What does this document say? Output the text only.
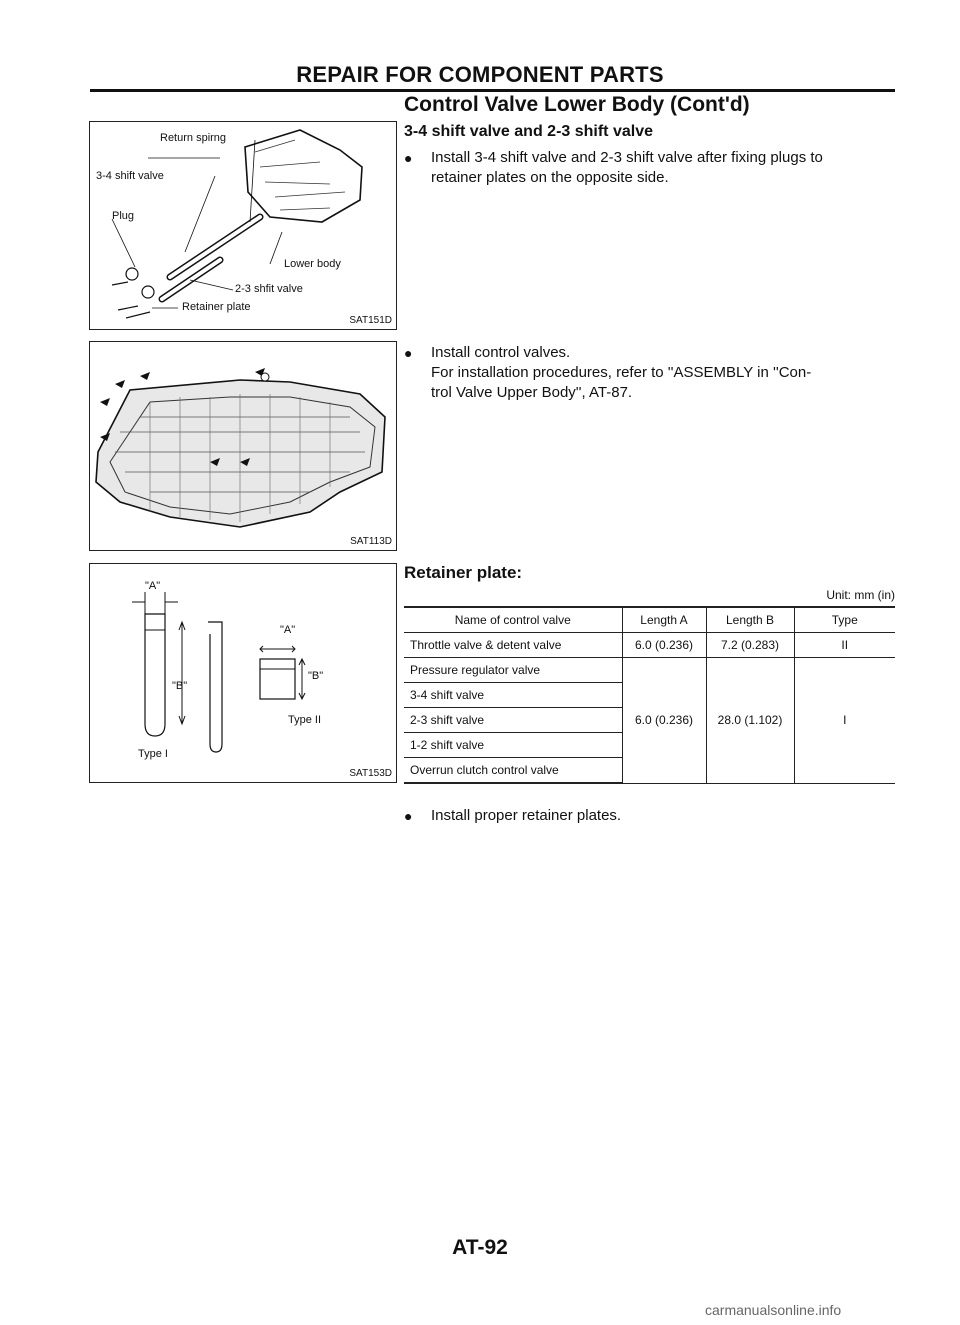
REPAIR FOR COMPONENT PARTS
Control Valve Lower Body (Cont'd)
3-4 shift valve and 2-3 shift valve
● Install 3-4 shift valve and 2-3 shift valve after fixing plugs to
retainer plates on the opposite side.
● Install control valves.
For installation procedures, refer to ''ASSEMBLY in ''Con-
trol Valve Upper Body'', AT-87.
Return spirng
3-4 shift valve
Plug
Lower body
2-3 shfit valve
Retainer plate
SAT151D
SAT113D
"A"
"B"
Type I
"A"
"B"
Type II
SAT153D
Retainer plate:
Unit: mm (in)
Name of control valve	Length A	Length B	Type
Throttle valve & detent valve	6.0 (0.236)	7.2 (0.283)	II
Pressure regulator valve	6.0 (0.236)	28.0 (1.102)	I
3-4 shift valve			
2-3 shift valve			
1-2 shift valve			
Overrun clutch control valve			
● Install proper retainer plates.
AT-92
carmanualsonline.info
